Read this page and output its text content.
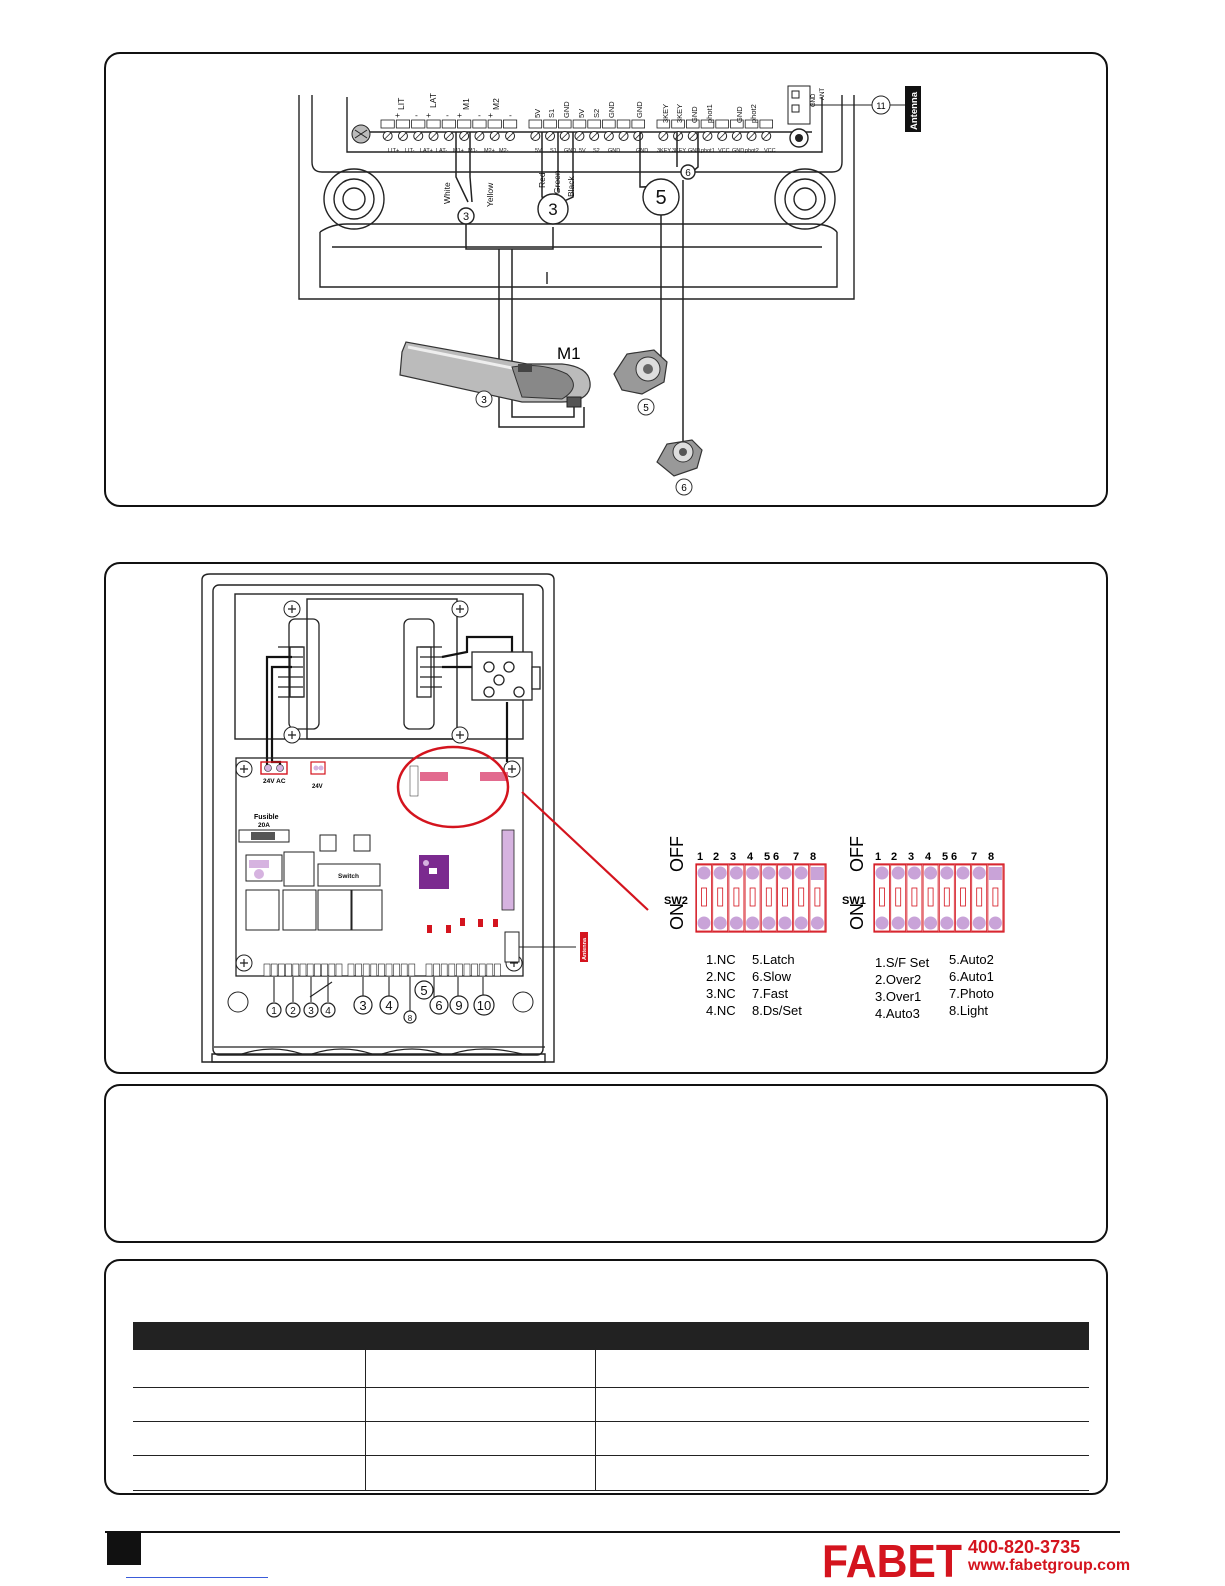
+
LIT
- +
LAT
- +
M1
- +
M2
-
LIT+ LIT- LAT+ LAT- M1+ M1- M2+ M2-
5V S1 GND 5V S2 GND	GND
5V S1 GND 5V S2 GND	GND
3KEY 3KEY GND phot1	GND phot2
3KEY 3KEY GND phot1 VCC GND phot2 VCC
GND ANT
11 Antenna
White	Yellow
Red Green Black
3	3
5
6
M1
3
5
6
24V AC
24V
Fusible
20A
Switch
Antenna
1 2 3 4 3 4
5
6 9 10
8
OFF
ON
SW2
1 2 3 4 5 6 7 8
1.NC
2.NC
3.NC
4.NC
5.Latch
6.Slow
7.Fast
8.Ds/Set
OFF
ON
SW1
1 2 3 4 5 6 7 8
1.S/F Set
2.Over2
3.Over1
4.Auto3
5.Auto2
6.Auto1
7.Photo
8.Light
FABET 400-820-3735
www.fabetgroup.com
